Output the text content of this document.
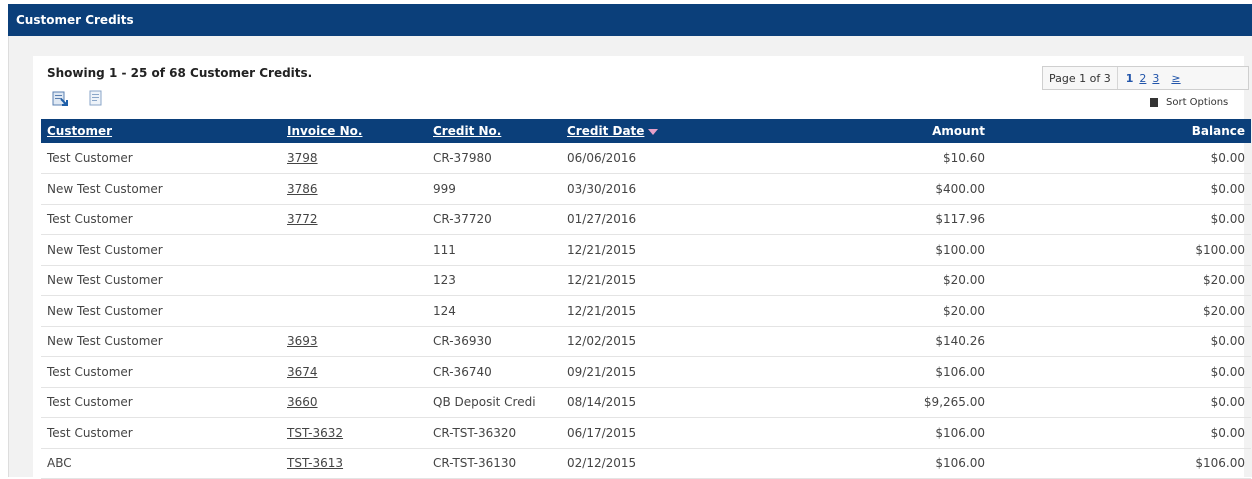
Customer Credits
Showing 1 - 25 of 68 Customer Credits.	Page 1 of 3 1 2 3 ≥
Sort Options
Customer	Invoice No.	Credit No.	Credit Date	Amount	Balance
Test Customer	3798	CR-37980	06/06/2016	$10.60	$0.00
New Test Customer	3786	999	03/30/2016	$400.00	$0.00
Test Customer	3772	CR-37720	01/27/2016	$117.96	$0.00
New Test Customer		111	12/21/2015	$100.00	$100.00
New Test Customer		123	12/21/2015	$20.00	$20.00
New Test Customer		124	12/21/2015	$20.00	$20.00
New Test Customer	3693	CR-36930	12/02/2015	$140.26	$0.00
Test Customer	3674	CR-36740	09/21/2015	$106.00	$0.00
Test Customer	3660	QB Deposit Credi	08/14/2015	$9,265.00	$0.00
Test Customer	TST-3632	CR-TST-36320	06/17/2015	$106.00	$0.00
ABC	TST-3613	CR-TST-36130	02/12/2015	$106.00	$106.00
